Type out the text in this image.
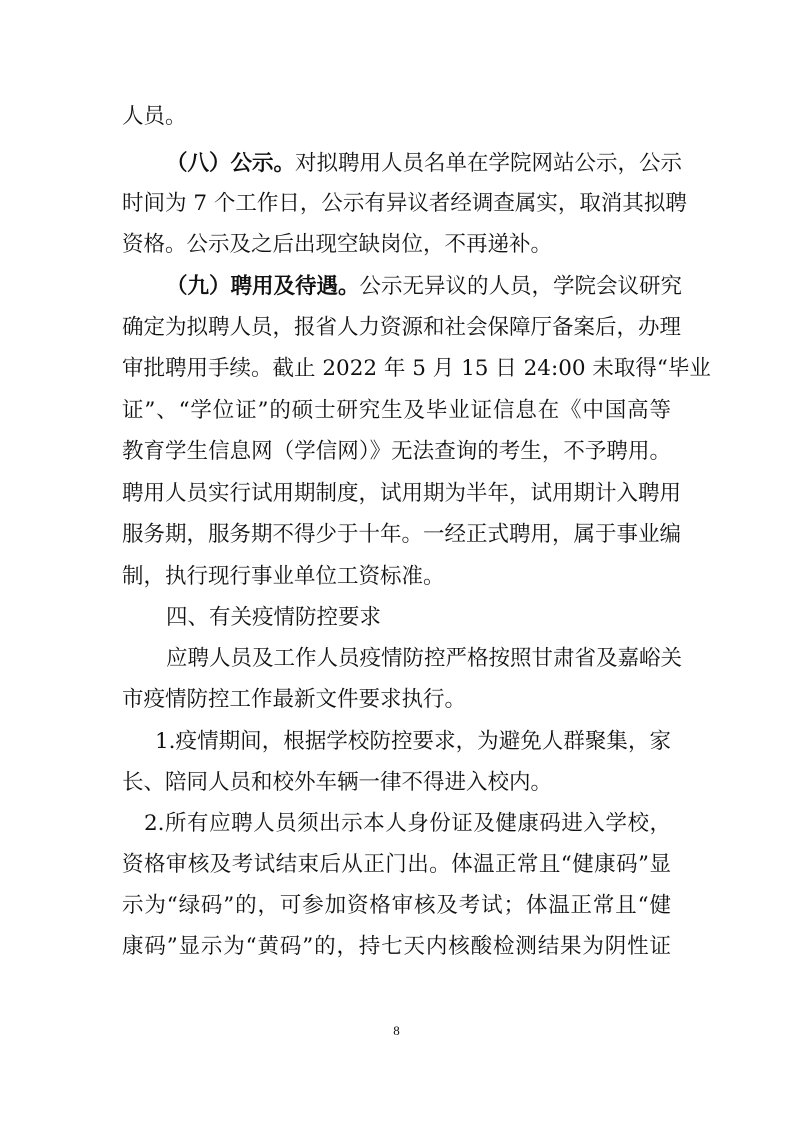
人员。
（八）公示。对拟聘用人员名单在学院网站公示，公示
时间为 7 个工作日，公示有异议者经调查属实，取消其拟聘
资格。公示及之后出现空缺岗位，不再递补。
（九）聘用及待遇。公示无异议的人员，学院会议研究
确定为拟聘人员，报省人力资源和社会保障厅备案后，办理
审批聘用手续。截止 2022 年 5 月 15 日 24:00 未取得“毕业
证”、“学位证”的硕士研究生及毕业证信息在《中国高等
教育学生信息网（学信网）》无法查询的考生，不予聘用。
聘用人员实行试用期制度，试用期为半年，试用期计入聘用
服务期，服务期不得少于十年。一经正式聘用，属于事业编
制，执行现行事业单位工资标准。
四、有关疫情防控要求
应聘人员及工作人员疫情防控严格按照甘肃省及嘉峪关
市疫情防控工作最新文件要求执行。
1.疫情期间，根据学校防控要求，为避免人群聚集，家
长、陪同人员和校外车辆一律不得进入校内。
2.所有应聘人员须出示本人身份证及健康码进入学校，
资格审核及考试结束后从正门出。体温正常且“健康码”显
示为“绿码”的，可参加资格审核及考试；体温正常且“健
康码”显示为“黄码”的，持七天内核酸检测结果为阴性证
8
